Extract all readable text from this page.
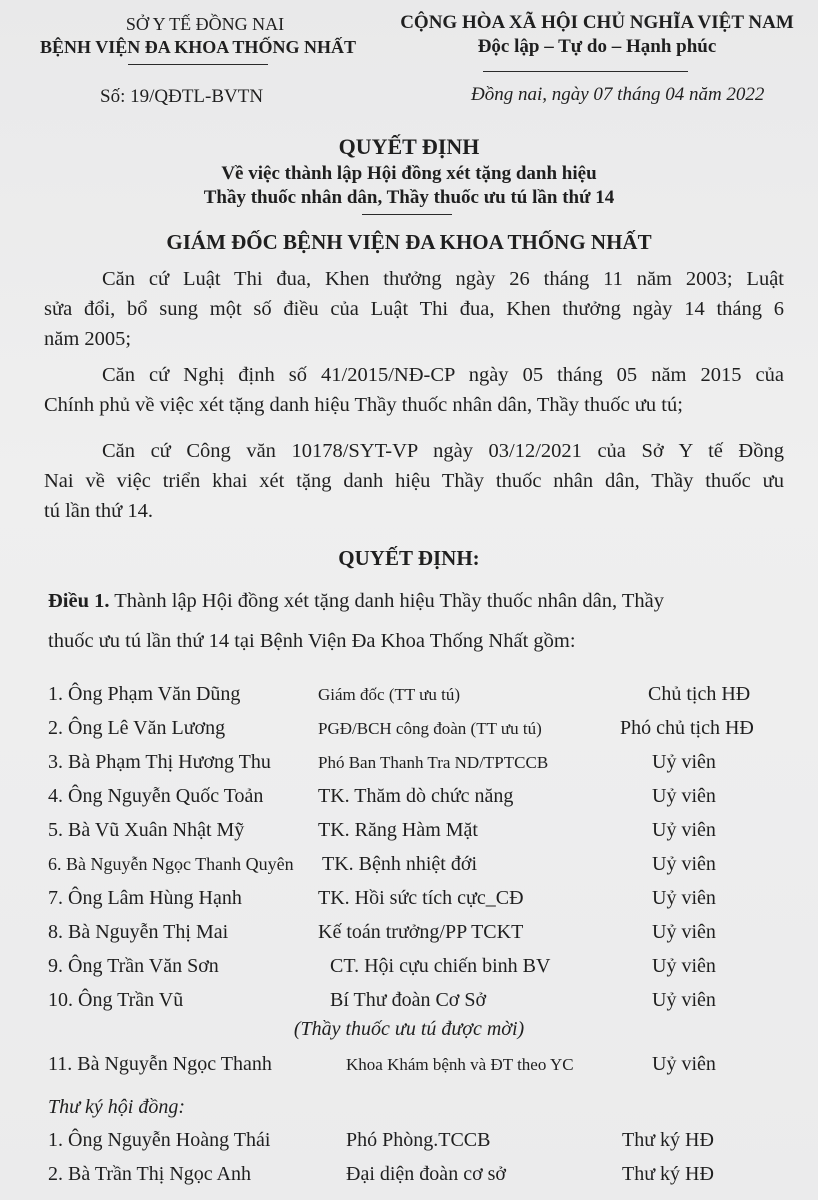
SỞ Y TẾ ĐỒNG NAI
BỆNH VIỆN ĐA KHOA THỐNG NHẤT
CỘNG HÒA XÃ HỘI CHỦ NGHĨA VIỆT NAM
Độc lập – Tự do – Hạnh phúc
Số: 19/QĐTL-BVTN	Đồng nai, ngày 07 tháng 04 năm 2022
QUYẾT ĐỊNH
Về việc thành lập Hội đồng xét tặng danh hiệu
Thầy thuốc nhân dân, Thầy thuốc ưu tú lần thứ 14
GIÁM ĐỐC BỆNH VIỆN ĐA KHOA THỐNG NHẤT
Căn cứ Luật Thi đua, Khen thưởng ngày 26 tháng 11 năm 2003; Luật
sửa đổi, bổ sung một số điều của Luật Thi đua, Khen thưởng ngày 14 tháng 6
năm 2005;
Căn cứ Nghị định số 41/2015/NĐ-CP ngày 05 tháng 05 năm 2015 của
Chính phủ về việc xét tặng danh hiệu Thầy thuốc nhân dân, Thầy thuốc ưu tú;
Căn cứ Công văn 10178/SYT-VP ngày 03/12/2021 của Sở Y tế Đồng
Nai về việc triển khai xét tặng danh hiệu Thầy thuốc nhân dân, Thầy thuốc ưu
tú lần thứ 14.
QUYẾT ĐỊNH:
Điều 1. Thành lập Hội đồng xét tặng danh hiệu Thầy thuốc nhân dân, Thầy
thuốc ưu tú lần thứ 14 tại Bệnh Viện Đa Khoa Thống Nhất gồm:
1. Ông Phạm Văn Dũng	Giám đốc (TT ưu tú)	Chủ tịch HĐ
2. Ông Lê Văn Lương	PGĐ/BCH công đoàn (TT ưu tú)	Phó chủ tịch HĐ
3. Bà Phạm Thị Hương Thu	Phó Ban Thanh Tra ND/TPTCCB	Uỷ viên
4. Ông Nguyễn Quốc Toản	TK. Thăm dò chức năng	Uỷ viên
5. Bà Vũ Xuân Nhật Mỹ	TK. Răng Hàm Mặt	Uỷ viên
6. Bà Nguyễn Ngọc Thanh Quyên TK. Bệnh nhiệt đới	Uỷ viên
7. Ông Lâm Hùng Hạnh	TK. Hồi sức tích cực_CĐ	Uỷ viên
8. Bà Nguyễn Thị Mai	Kế toán trưởng/PP TCKT	Uỷ viên
9. Ông Trần Văn Sơn	CT. Hội cựu chiến binh BV	Uỷ viên
10. Ông Trần Vũ	Bí Thư đoàn Cơ Sở	Uỷ viên
(Thầy thuốc ưu tú được mời)
11. Bà Nguyễn Ngọc Thanh	Khoa Khám bệnh và ĐT theo YC	Uỷ viên
Thư ký hội đồng:
1. Ông Nguyễn Hoàng Thái	Phó Phòng.TCCB	Thư ký HĐ
2. Bà Trần Thị Ngọc Anh	Đại diện đoàn cơ sở	Thư ký HĐ
